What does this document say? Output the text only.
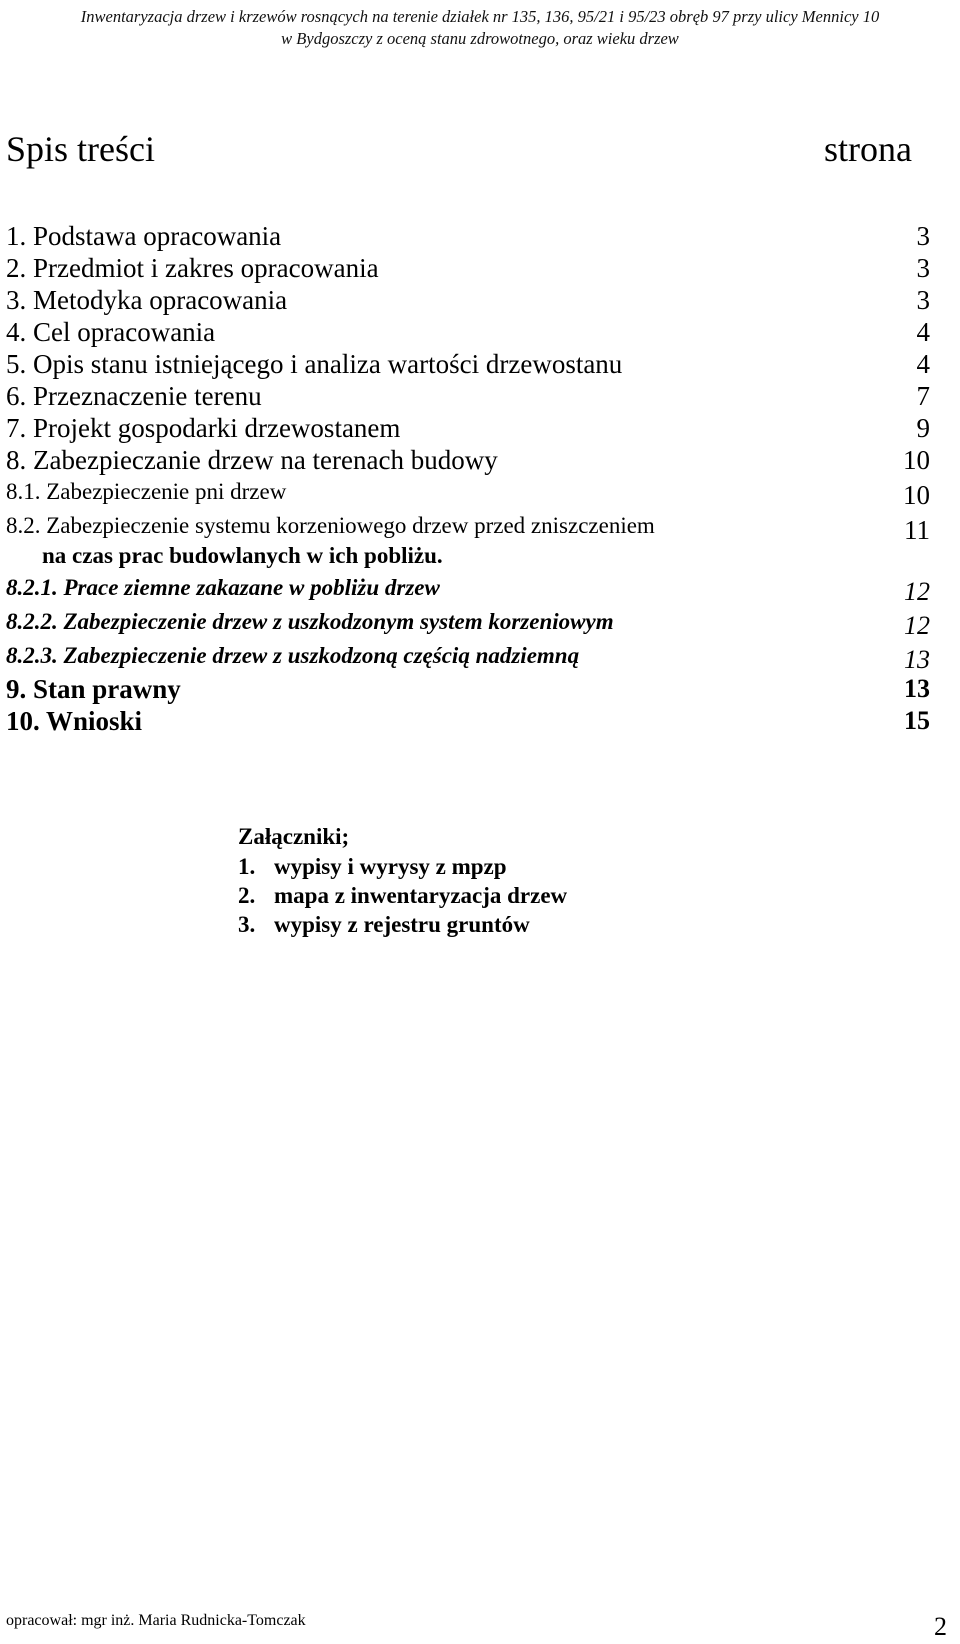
Inwentaryzacja drzew i krzewów rosnących na terenie działek nr 135, 136, 95/21 i 95/23 obręb 97 przy ulicy Mennicy 10
w Bydgoszczy z oceną stanu zdrowotnego, oraz wieku drzew
Spis treści	strona
1. Podstawa opracowania	3
2. Przedmiot i zakres opracowania	3
3. Metodyka opracowania	3
4. Cel opracowania	4
5. Opis stanu istniejącego i analiza wartości drzewostanu	4
6. Przeznaczenie terenu	7
7. Projekt gospodarki drzewostanem	9
8. Zabezpieczanie drzew na terenach budowy	10
8.1. Zabezpieczenie pni drzew	10
8.2. Zabezpieczenie systemu korzeniowego drzew przed zniszczeniem	11
na czas prac budowlanych w ich pobliżu.
8.2.1. Prace ziemne zakazane w pobliżu drzew	12
8.2.2. Zabezpieczenie drzew z uszkodzonym system korzeniowym	12
8.2.3. Zabezpieczenie drzew z uszkodzoną częścią nadziemną	13
9. Stan prawny	13
10. Wnioski	15
Załączniki;
1. wypisy i wyrysy z mpzp
2. mapa z inwentaryzacja drzew
3. wypisy z rejestru gruntów
opracował: mgr inż. Maria Rudnicka-Tomczak	2
